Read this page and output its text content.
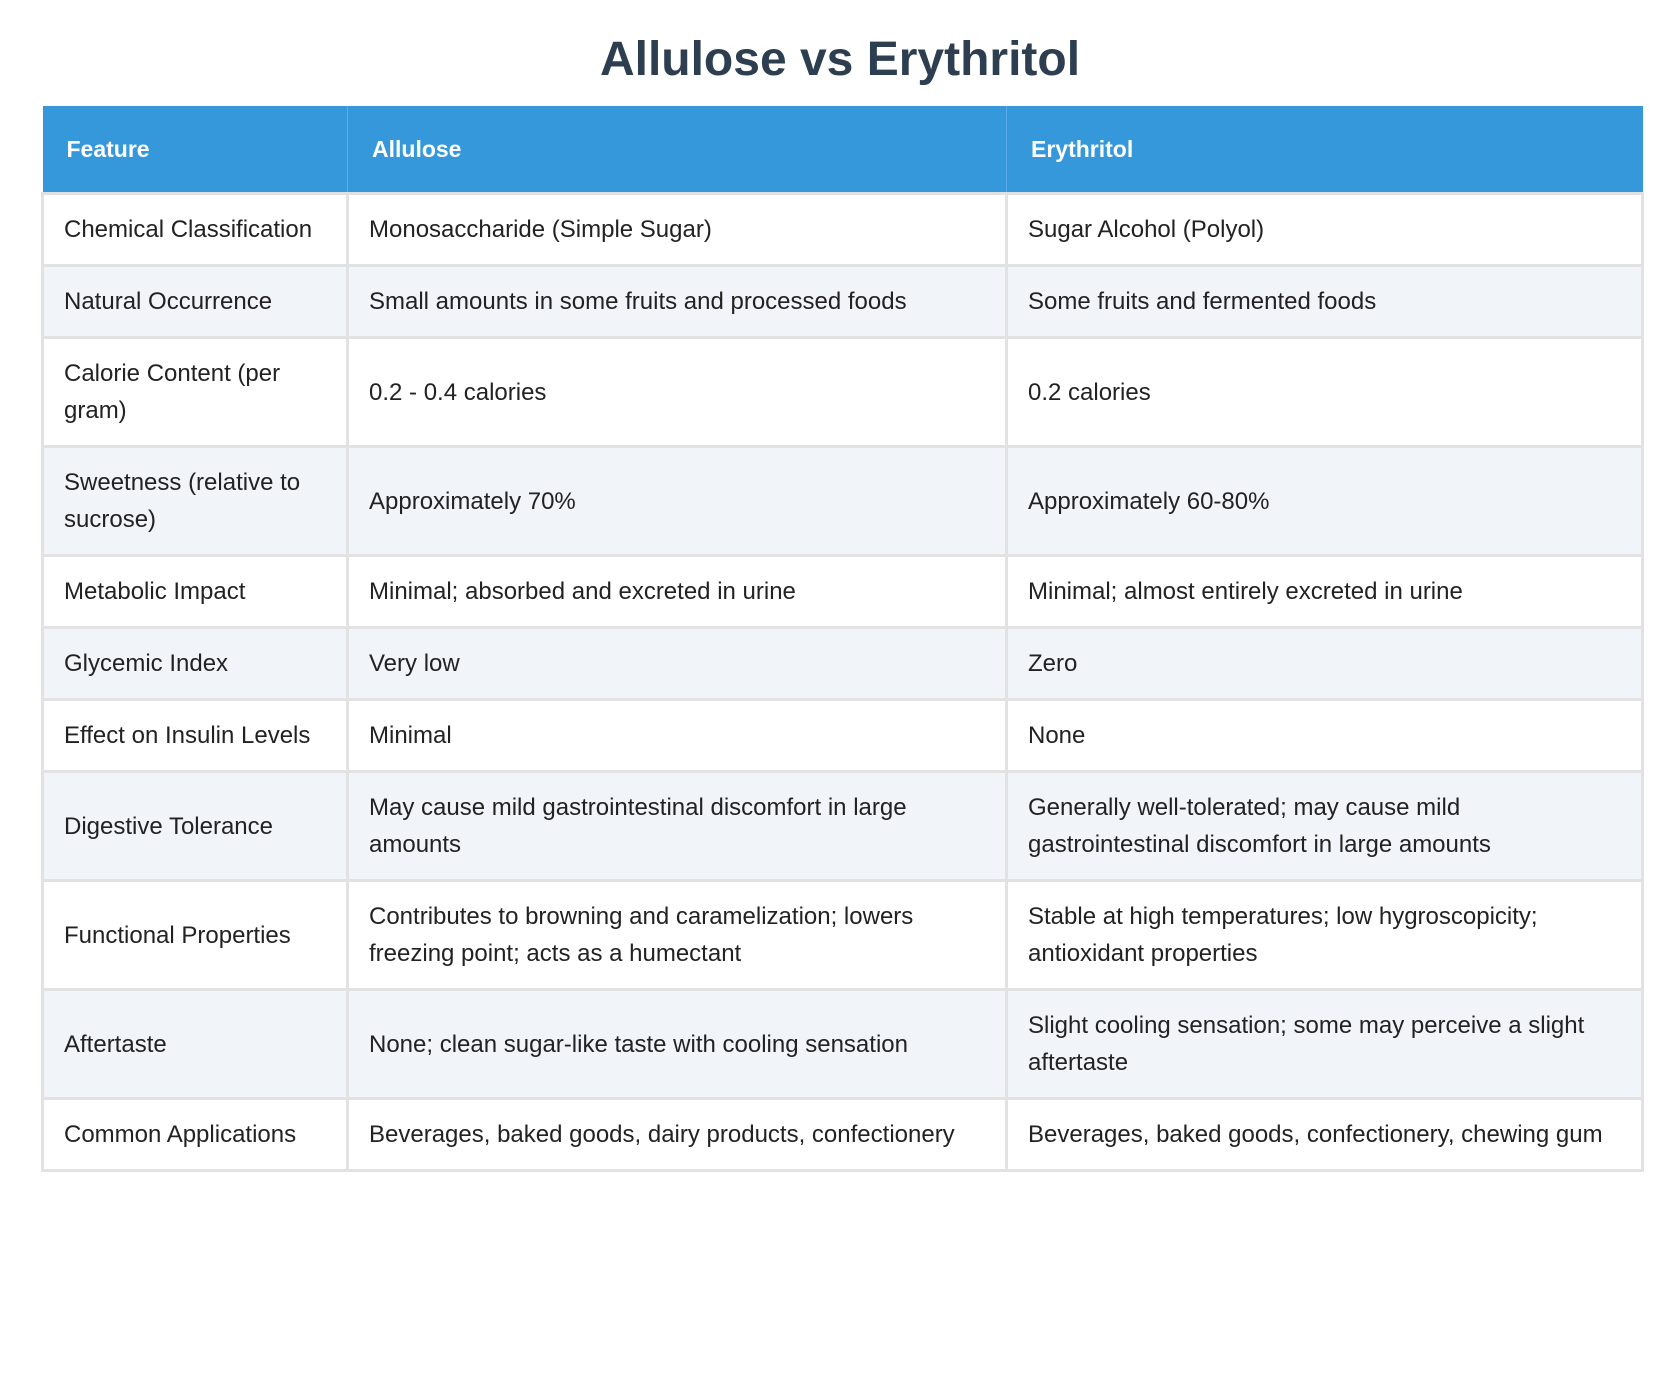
Allulose vs Erythritol
Feature	Allulose	Erythritol
Chemical Classification	Monosaccharide (Simple Sugar)	Sugar Alcohol (Polyol)
Natural Occurrence	Small amounts in some fruits and processed foods	Some fruits and fermented foods
Calorie Content (per gram)	0.2 - 0.4 calories	0.2 calories
Sweetness (relative to sucrose)	Approximately 70%	Approximately 60-80%
Metabolic Impact	Minimal; absorbed and excreted in urine	Minimal; almost entirely excreted in urine
Glycemic Index	Very low	Zero
Effect on Insulin Levels	Minimal	None
Digestive Tolerance	May cause mild gastrointestinal discomfort in large amounts	Generally well-tolerated; may cause mild gastrointestinal discomfort in large amounts
Functional Properties	Contributes to browning and caramelization; lowers freezing point; acts as a humectant	Stable at high temperatures; low hygroscopicity; antioxidant properties
Aftertaste	None; clean sugar-like taste with cooling sensation	Slight cooling sensation; some may perceive a slight aftertaste
Common Applications	Beverages, baked goods, dairy products, confectionery	Beverages, baked goods, confectionery, chewing gum
